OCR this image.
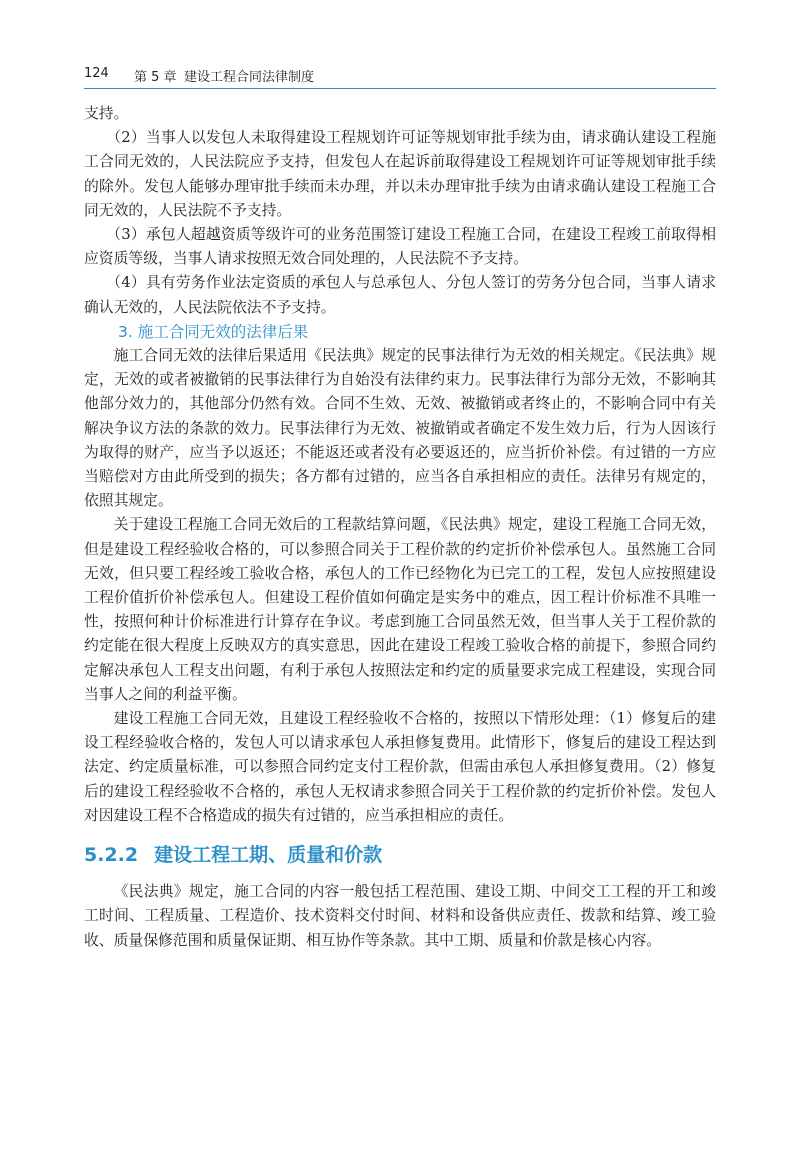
124 第 5 章 建设工程合同法律制度

支持。

（2）当事人以发包人未取得建设工程规划许可证等规划审批手续为由，请求确认建设工程施工合同无效的，人民法院应予支持，但发包人在起诉前取得建设工程规划许可证等规划审批手续的除外。发包人能够办理审批手续而未办理，并以未办理审批手续为由请求确认建设工程施工合同无效的，人民法院不予支持。

（3）承包人超越资质等级许可的业务范围签订建设工程施工合同，在建设工程竣工前取得相应资质等级，当事人请求按照无效合同处理的，人民法院不予支持。

（4）具有劳务作业法定资质的承包人与总承包人、分包人签订的劳务分包合同，当事人请求确认无效的，人民法院依法不予支持。

3. 施工合同无效的法律后果

施工合同无效的法律后果适用《民法典》规定的民事法律行为无效的相关规定。《民法典》规定，无效的或者被撤销的民事法律行为自始没有法律约束力。民事法律行为部分无效，不影响其他部分效力的，其他部分仍然有效。合同不生效、无效、被撤销或者终止的，不影响合同中有关解决争议方法的条款的效力。民事法律行为无效、被撤销或者确定不发生效力后，行为人因该行为取得的财产，应当予以返还；不能返还或者没有必要返还的，应当折价补偿。有过错的一方应当赔偿对方由此所受到的损失；各方都有过错的，应当各自承担相应的责任。法律另有规定的，依照其规定。

关于建设工程施工合同无效后的工程款结算问题，《民法典》规定，建设工程施工合同无效，但是建设工程经验收合格的，可以参照合同关于工程价款的约定折价补偿承包人。虽然施工合同无效，但只要工程经竣工验收合格，承包人的工作已经物化为已完工的工程，发包人应按照建设工程价值折价补偿承包人。但建设工程价值如何确定是实务中的难点，因工程计价标准不具唯一性，按照何种计价标准进行计算存在争议。考虑到施工合同虽然无效，但当事人关于工程价款的约定能在很大程度上反映双方的真实意思，因此在建设工程竣工验收合格的前提下，参照合同约定解决承包人工程支出问题，有利于承包人按照法定和约定的质量要求完成工程建设，实现合同当事人之间的利益平衡。

建设工程施工合同无效，且建设工程经验收不合格的，按照以下情形处理：（1）修复后的建设工程经验收合格的，发包人可以请求承包人承担修复费用。此情形下，修复后的建设工程达到法定、约定质量标准，可以参照合同约定支付工程价款，但需由承包人承担修复费用。（2）修复后的建设工程经验收不合格的，承包人无权请求参照合同关于工程价款的约定折价补偿。发包人对因建设工程不合格造成的损失有过错的，应当承担相应的责任。

5.2.2 建设工程工期、质量和价款

《民法典》规定，施工合同的内容一般包括工程范围、建设工期、中间交工工程的开工和竣工时间、工程质量、工程造价、技术资料交付时间、材料和设备供应责任、拨款和结算、竣工验收、质量保修范围和质量保证期、相互协作等条款。其中工期、质量和价款是核心内容。
